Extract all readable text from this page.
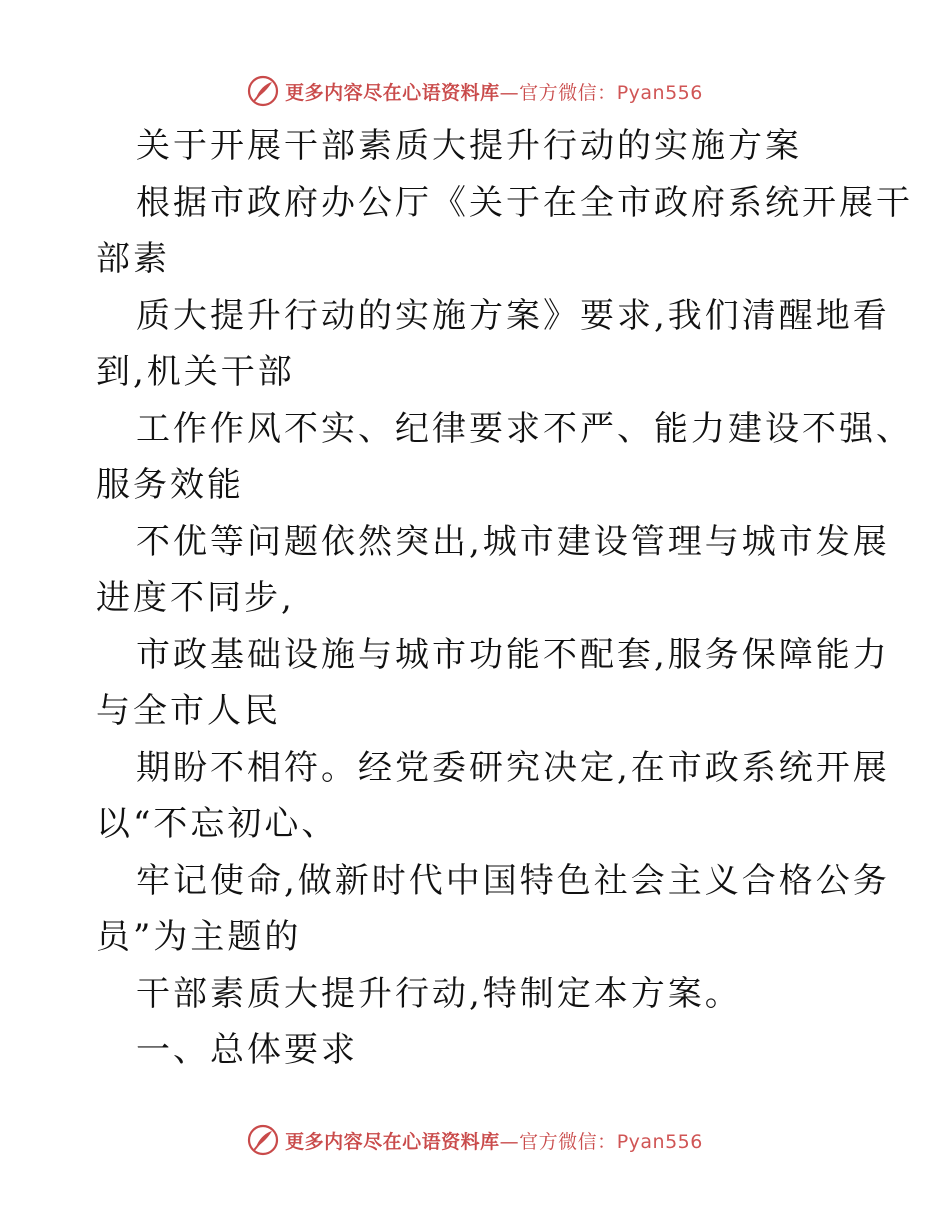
更多内容尽在心语资料库—官方微信：Pyan556
关于开展干部素质大提升行动的实施方案
根据市政府办公厅《关于在全市政府系统开展干
部素
质大提升行动的实施方案》要求,我们清醒地看
到,机关干部
工作作风不实、纪律要求不严、能力建设不强、
服务效能
不优等问题依然突出,城市建设管理与城市发展
进度不同步,
市政基础设施与城市功能不配套,服务保障能力
与全市人民
期盼不相符。经党委研究决定,在市政系统开展
以“不忘初心、
牢记使命,做新时代中国特色社会主义合格公务
员”为主题的
干部素质大提升行动,特制定本方案。
一、总体要求
更多内容尽在心语资料库—官方微信：Pyan556
